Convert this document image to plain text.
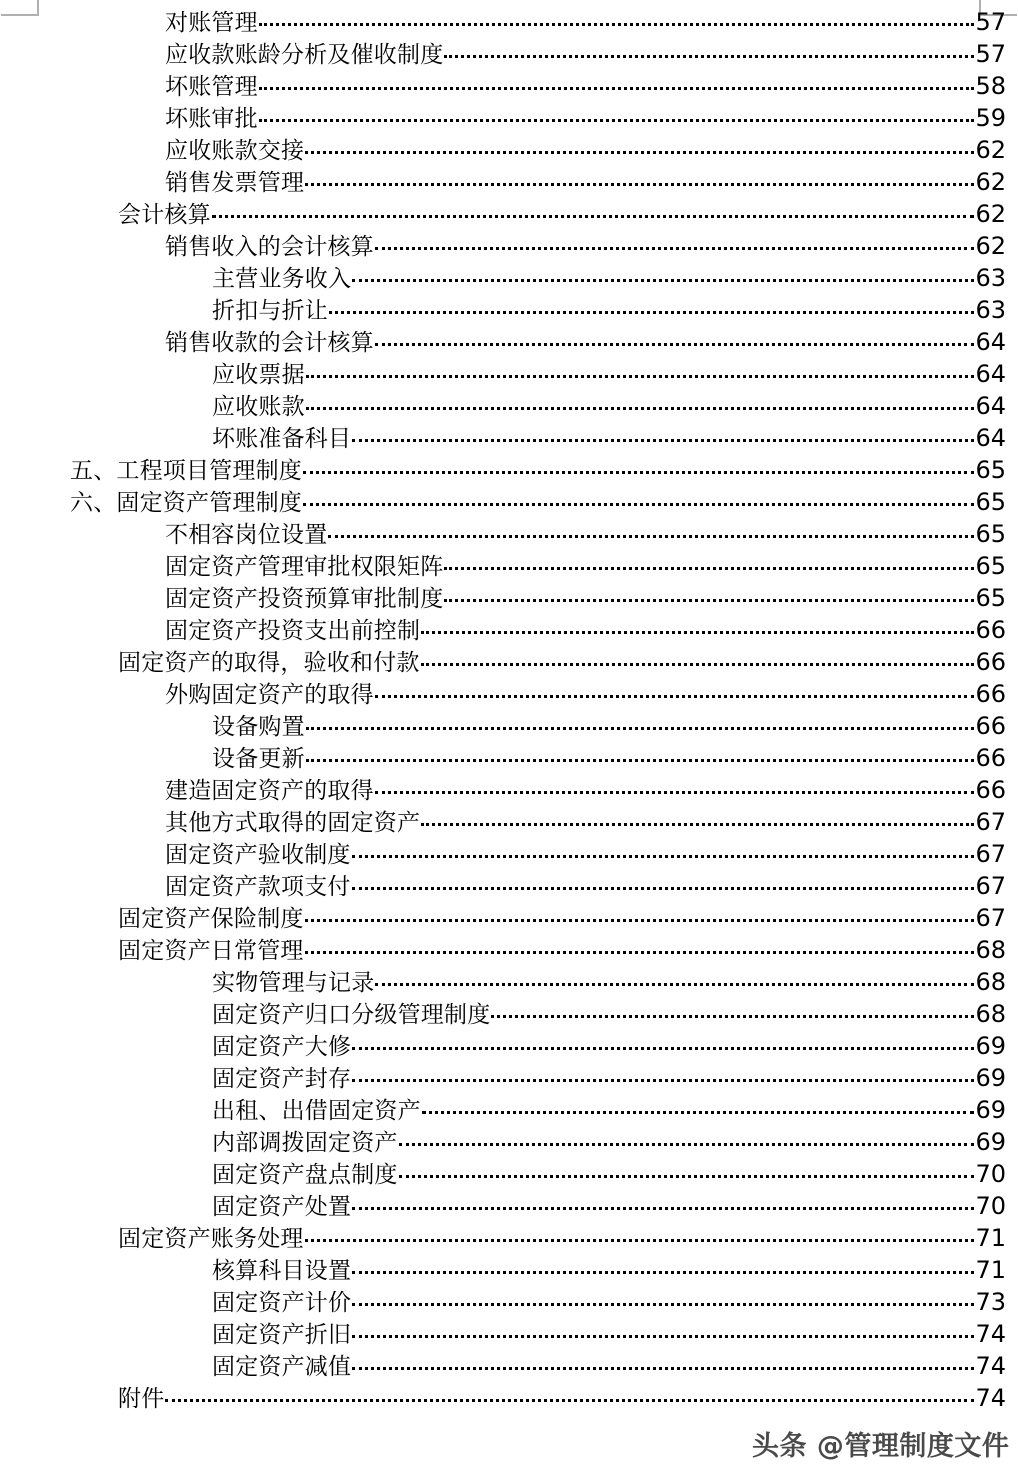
对账管理	57
应收款账龄分析及催收制度	57
坏账管理	58
坏账审批	59
应收账款交接	62
销售发票管理	62
会计核算	62
销售收入的会计核算	62
主营业务收入	63
折扣与折让	63
销售收款的会计核算	64
应收票据	64
应收账款	64
坏账准备科目	64
五、工程项目管理制度	65
六、固定资产管理制度	65
不相容岗位设置	65
固定资产管理审批权限矩阵	65
固定资产投资预算审批制度	65
固定资产投资支出前控制	66
固定资产的取得，验收和付款	66
外购固定资产的取得	66
设备购置	66
设备更新	66
建造固定资产的取得	66
其他方式取得的固定资产	67
固定资产验收制度	67
固定资产款项支付	67
固定资产保险制度	67
固定资产日常管理	68
实物管理与记录	68
固定资产归口分级管理制度	68
固定资产大修	69
固定资产封存	69
出租、出借固定资产	69
内部调拨固定资产	69
固定资产盘点制度	70
固定资产处置	70
固定资产账务处理	71
核算科目设置	71
固定资产计价	73
固定资产折旧	74
固定资产减值	74
附件	74
头条 @管理制度文件
